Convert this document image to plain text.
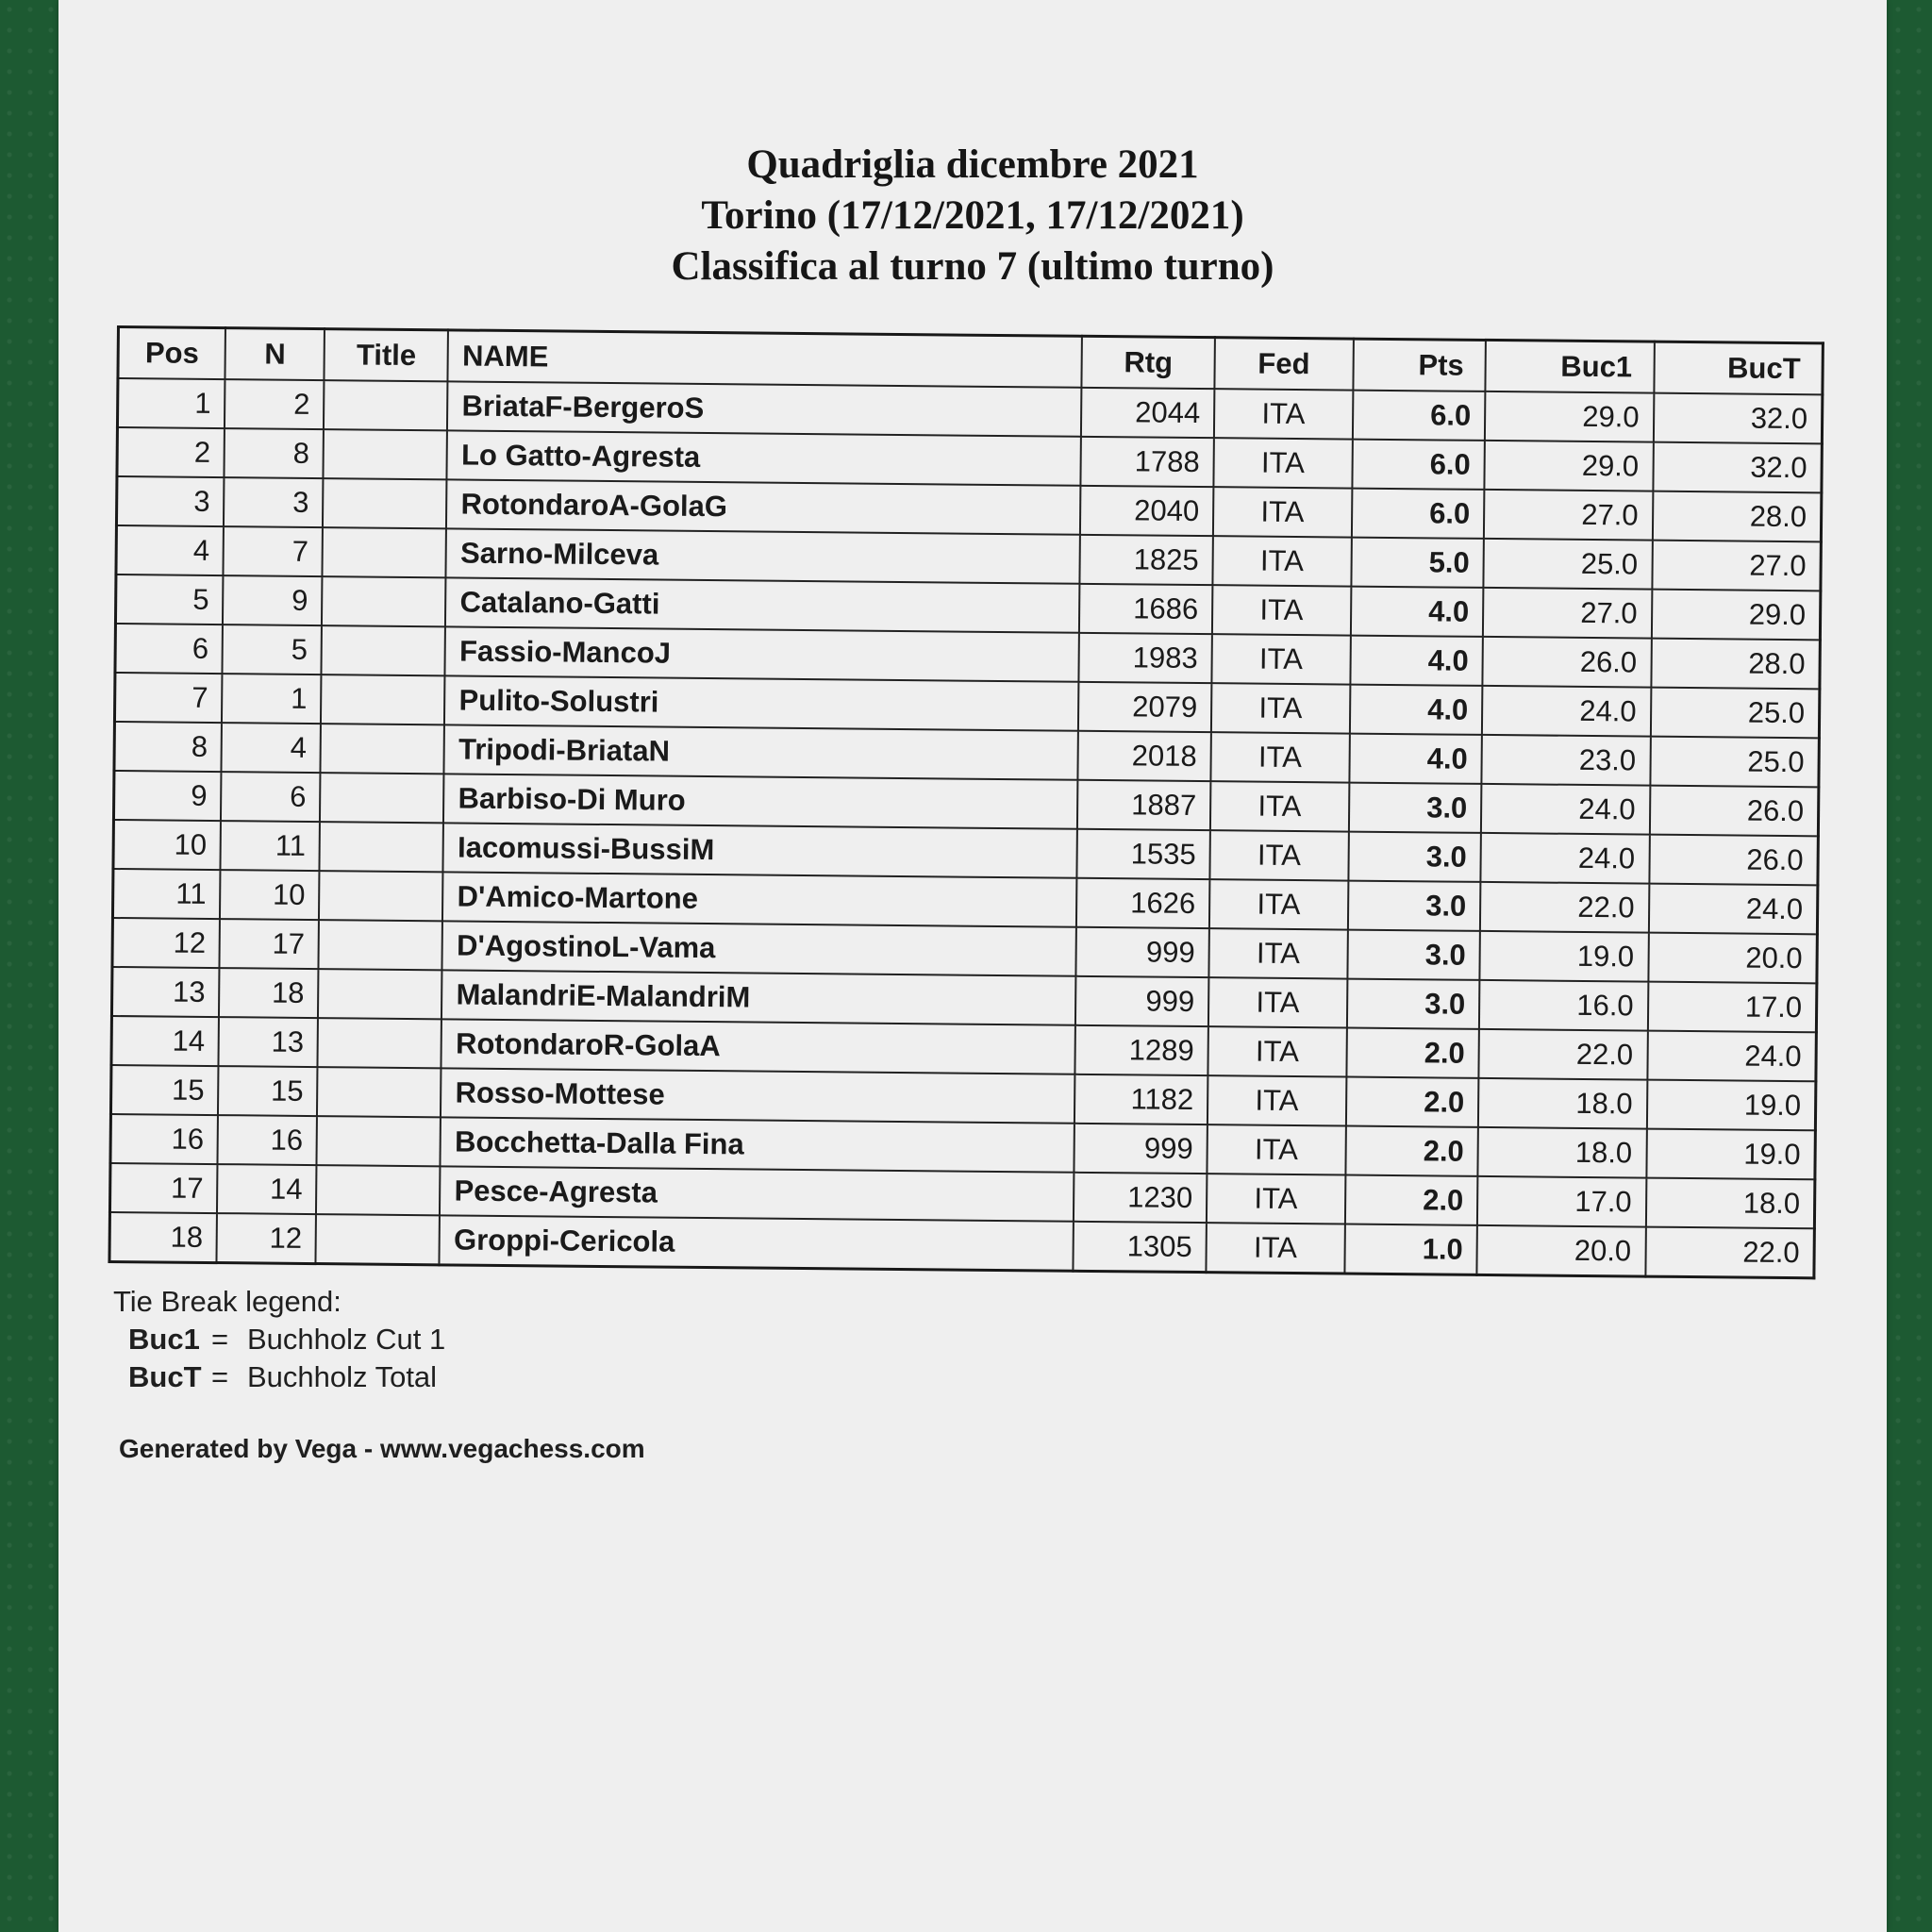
Quadriglia dicembre 2021
Torino (17/12/2021, 17/12/2021)
Classifica al turno 7 (ultimo turno)
Pos	N	Title	NAME	Rtg	Fed	Pts	Buc1	BucT
1	2		BriataF-BergeroS	2044	ITA	6.0	29.0	32.0
2	8		Lo Gatto-Agresta	1788	ITA	6.0	29.0	32.0
3	3		RotondaroA-GolaG	2040	ITA	6.0	27.0	28.0
4	7		Sarno-Milceva	1825	ITA	5.0	25.0	27.0
5	9		Catalano-Gatti	1686	ITA	4.0	27.0	29.0
6	5		Fassio-MancoJ	1983	ITA	4.0	26.0	28.0
7	1		Pulito-Solustri	2079	ITA	4.0	24.0	25.0
8	4		Tripodi-BriataN	2018	ITA	4.0	23.0	25.0
9	6		Barbiso-Di Muro	1887	ITA	3.0	24.0	26.0
10	11		Iacomussi-BussiM	1535	ITA	3.0	24.0	26.0
11	10		D'Amico-Martone	1626	ITA	3.0	22.0	24.0
12	17		D'AgostinoL-Vama	999	ITA	3.0	19.0	20.0
13	18		MalandriE-MalandriM	999	ITA	3.0	16.0	17.0
14	13		RotondaroR-GolaA	1289	ITA	2.0	22.0	24.0
15	15		Rosso-Mottese	1182	ITA	2.0	18.0	19.0
16	16		Bocchetta-Dalla Fina	999	ITA	2.0	18.0	19.0
17	14		Pesce-Agresta	1230	ITA	2.0	17.0	18.0
18	12		Groppi-Cericola	1305	ITA	1.0	20.0	22.0
Tie Break legend:
Buc1 = Buchholz Cut 1
BucT = Buchholz Total
Generated by Vega - www.vegachess.com
